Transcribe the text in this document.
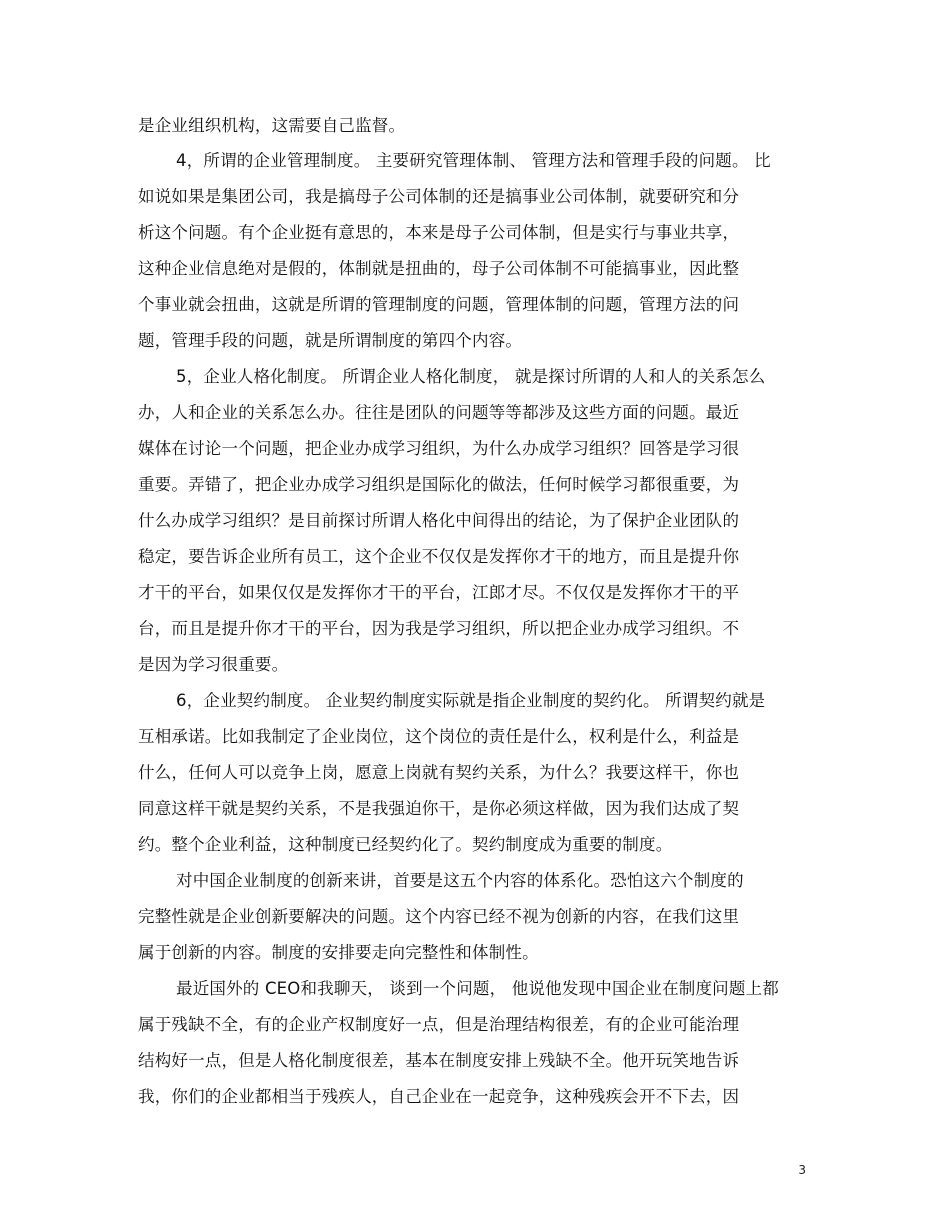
是企业组织机构，这需要自己监督。
4，所谓的企业管理制度。 主要研究管理体制、 管理方法和管理手段的问题。 比
如说如果是集团公司，我是搞母子公司体制的还是搞事业公司体制，就要研究和分
析这个问题。有个企业挺有意思的，本来是母子公司体制，但是实行与事业共享，
这种企业信息绝对是假的，体制就是扭曲的，母子公司体制不可能搞事业，因此整
个事业就会扭曲，这就是所谓的管理制度的问题，管理体制的问题，管理方法的问
题，管理手段的问题，就是所谓制度的第四个内容。
5，企业人格化制度。 所谓企业人格化制度， 就是探讨所谓的人和人的关系怎么
办，人和企业的关系怎么办。往往是团队的问题等等都涉及这些方面的问题。最近
媒体在讨论一个问题，把企业办成学习组织，为什么办成学习组织？回答是学习很
重要。弄错了，把企业办成学习组织是国际化的做法，任何时候学习都很重要，为
什么办成学习组织？是目前探讨所谓人格化中间得出的结论，为了保护企业团队的
稳定，要告诉企业所有员工，这个企业不仅仅是发挥你才干的地方，而且是提升你
才干的平台，如果仅仅是发挥你才干的平台，江郎才尽。不仅仅是发挥你才干的平
台，而且是提升你才干的平台，因为我是学习组织，所以把企业办成学习组织。不
是因为学习很重要。
6，企业契约制度。 企业契约制度实际就是指企业制度的契约化。 所谓契约就是
互相承诺。比如我制定了企业岗位，这个岗位的责任是什么，权利是什么，利益是
什么，任何人可以竞争上岗，愿意上岗就有契约关系，为什么？我要这样干，你也
同意这样干就是契约关系，不是我强迫你干，是你必须这样做，因为我们达成了契
约。整个企业利益，这种制度已经契约化了。契约制度成为重要的制度。
对中国企业制度的创新来讲，首要是这五个内容的体系化。恐怕这六个制度的
完整性就是企业创新要解决的问题。这个内容已经不视为创新的内容，在我们这里
属于创新的内容。制度的安排要走向完整性和体制性。
最近国外的 CEO和我聊天， 谈到一个问题， 他说他发现中国企业在制度问题上都
属于残缺不全，有的企业产权制度好一点，但是治理结构很差，有的企业可能治理
结构好一点，但是人格化制度很差，基本在制度安排上残缺不全。他开玩笑地告诉
我，你们的企业都相当于残疾人，自己企业在一起竞争，这种残疾会开不下去，因
3
